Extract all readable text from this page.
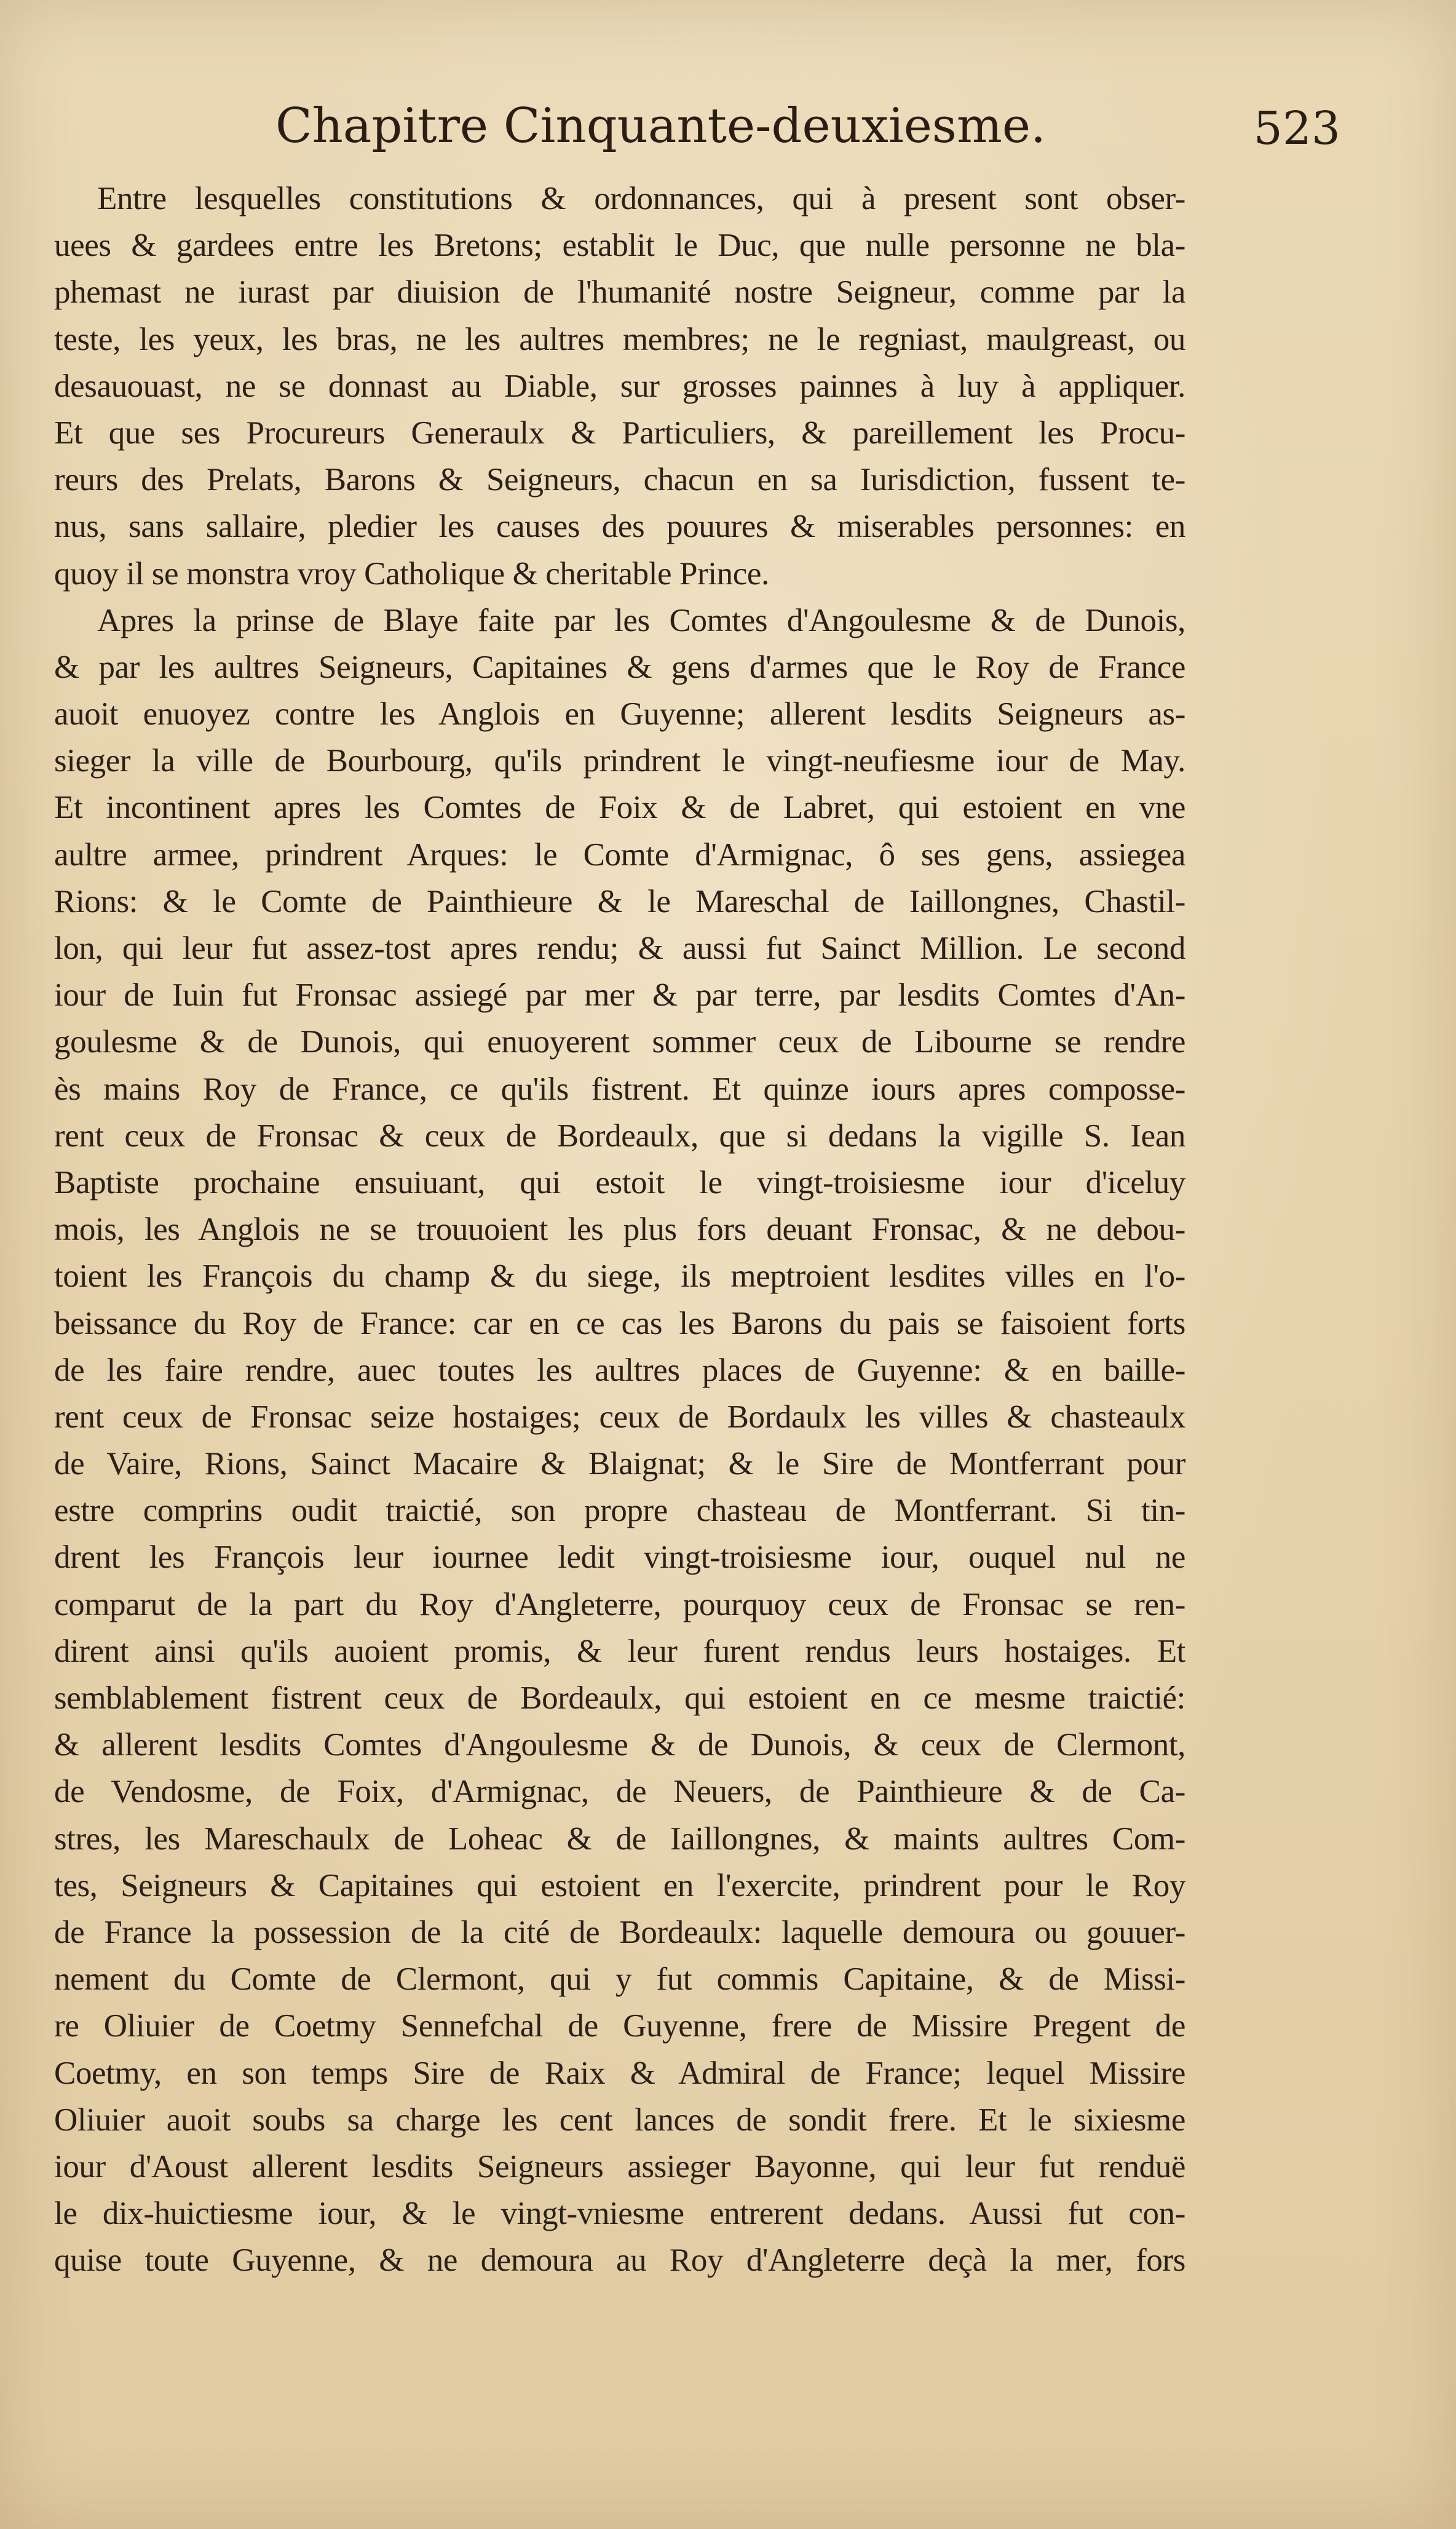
Chapitre Cinquante-deuxiesme.	523
Entre lesquelles constitutions & ordonnances, qui à present sont obser-
uees & gardees entre les Bretons; establit le Duc, que nulle personne ne bla-
phemast ne iurast par diuision de l'humanité nostre Seigneur, comme par la
teste, les yeux, les bras, ne les aultres membres; ne le regniast, maulgreast, ou
desauouast, ne se donnast au Diable, sur grosses painnes à luy à appliquer.
Et que ses Procureurs Generaulx & Particuliers, & pareillement les Procu-
reurs des Prelats, Barons & Seigneurs, chacun en sa Iurisdiction, fussent te-
nus, sans sallaire, pledier les causes des pouures & miserables personnes: en
quoy il se monstra vroy Catholique & cheritable Prince.
Apres la prinse de Blaye faite par les Comtes d'Angoulesme & de Dunois,
& par les aultres Seigneurs, Capitaines & gens d'armes que le Roy de France
auoit enuoyez contre les Anglois en Guyenne; allerent lesdits Seigneurs as-
sieger la ville de Bourbourg, qu'ils prindrent le vingt-neufiesme iour de May.
Et incontinent apres les Comtes de Foix & de Labret, qui estoient en vne
aultre armee, prindrent Arques: le Comte d'Armignac, ô ses gens, assiegea
Rions: & le Comte de Painthieure & le Mareschal de Iaillongnes, Chastil-
lon, qui leur fut assez-tost apres rendu; & aussi fut Sainct Million. Le second
iour de Iuin fut Fronsac assiegé par mer & par terre, par lesdits Comtes d'An-
goulesme & de Dunois, qui enuoyerent sommer ceux de Libourne se rendre
ès mains Roy de France, ce qu'ils fistrent. Et quinze iours apres composse-
rent ceux de Fronsac & ceux de Bordeaulx, que si dedans la vigille S. Iean
Baptiste prochaine ensuiuant, qui estoit le vingt-troisiesme iour d'iceluy
mois, les Anglois ne se trouuoient les plus fors deuant Fronsac, & ne debou-
toient les François du champ & du siege, ils meptroient lesdites villes en l'o-
beissance du Roy de France: car en ce cas les Barons du pais se faisoient forts
de les faire rendre, auec toutes les aultres places de Guyenne: & en baille-
rent ceux de Fronsac seize hostaiges; ceux de Bordaulx les villes & chasteaulx
de Vaire, Rions, Sainct Macaire & Blaignat; & le Sire de Montferrant pour
estre comprins oudit traictié, son propre chasteau de Montferrant. Si tin-
drent les François leur iournee ledit vingt-troisiesme iour, ouquel nul ne
comparut de la part du Roy d'Angleterre, pourquoy ceux de Fronsac se ren-
dirent ainsi qu'ils auoient promis, & leur furent rendus leurs hostaiges. Et
semblablement fistrent ceux de Bordeaulx, qui estoient en ce mesme traictié:
& allerent lesdits Comtes d'Angoulesme & de Dunois, & ceux de Clermont,
de Vendosme, de Foix, d'Armignac, de Neuers, de Painthieure & de Ca-
stres, les Mareschaulx de Loheac & de Iaillongnes, & maints aultres Com-
tes, Seigneurs & Capitaines qui estoient en l'exercite, prindrent pour le Roy
de France la possession de la cité de Bordeaulx: laquelle demoura ou gouuer-
nement du Comte de Clermont, qui y fut commis Capitaine, & de Missi-
re Oliuier de Coetmy Sennefchal de Guyenne, frere de Missire Pregent de
Coetmy, en son temps Sire de Raix & Admiral de France; lequel Missire
Oliuier auoit soubs sa charge les cent lances de sondit frere. Et le sixiesme
iour d'Aoust allerent lesdits Seigneurs assieger Bayonne, qui leur fut renduë
le dix-huictiesme iour, & le vingt-vniesme entrerent dedans. Aussi fut con-
quise toute Guyenne, & ne demoura au Roy d'Angleterre deçà la mer, fors
